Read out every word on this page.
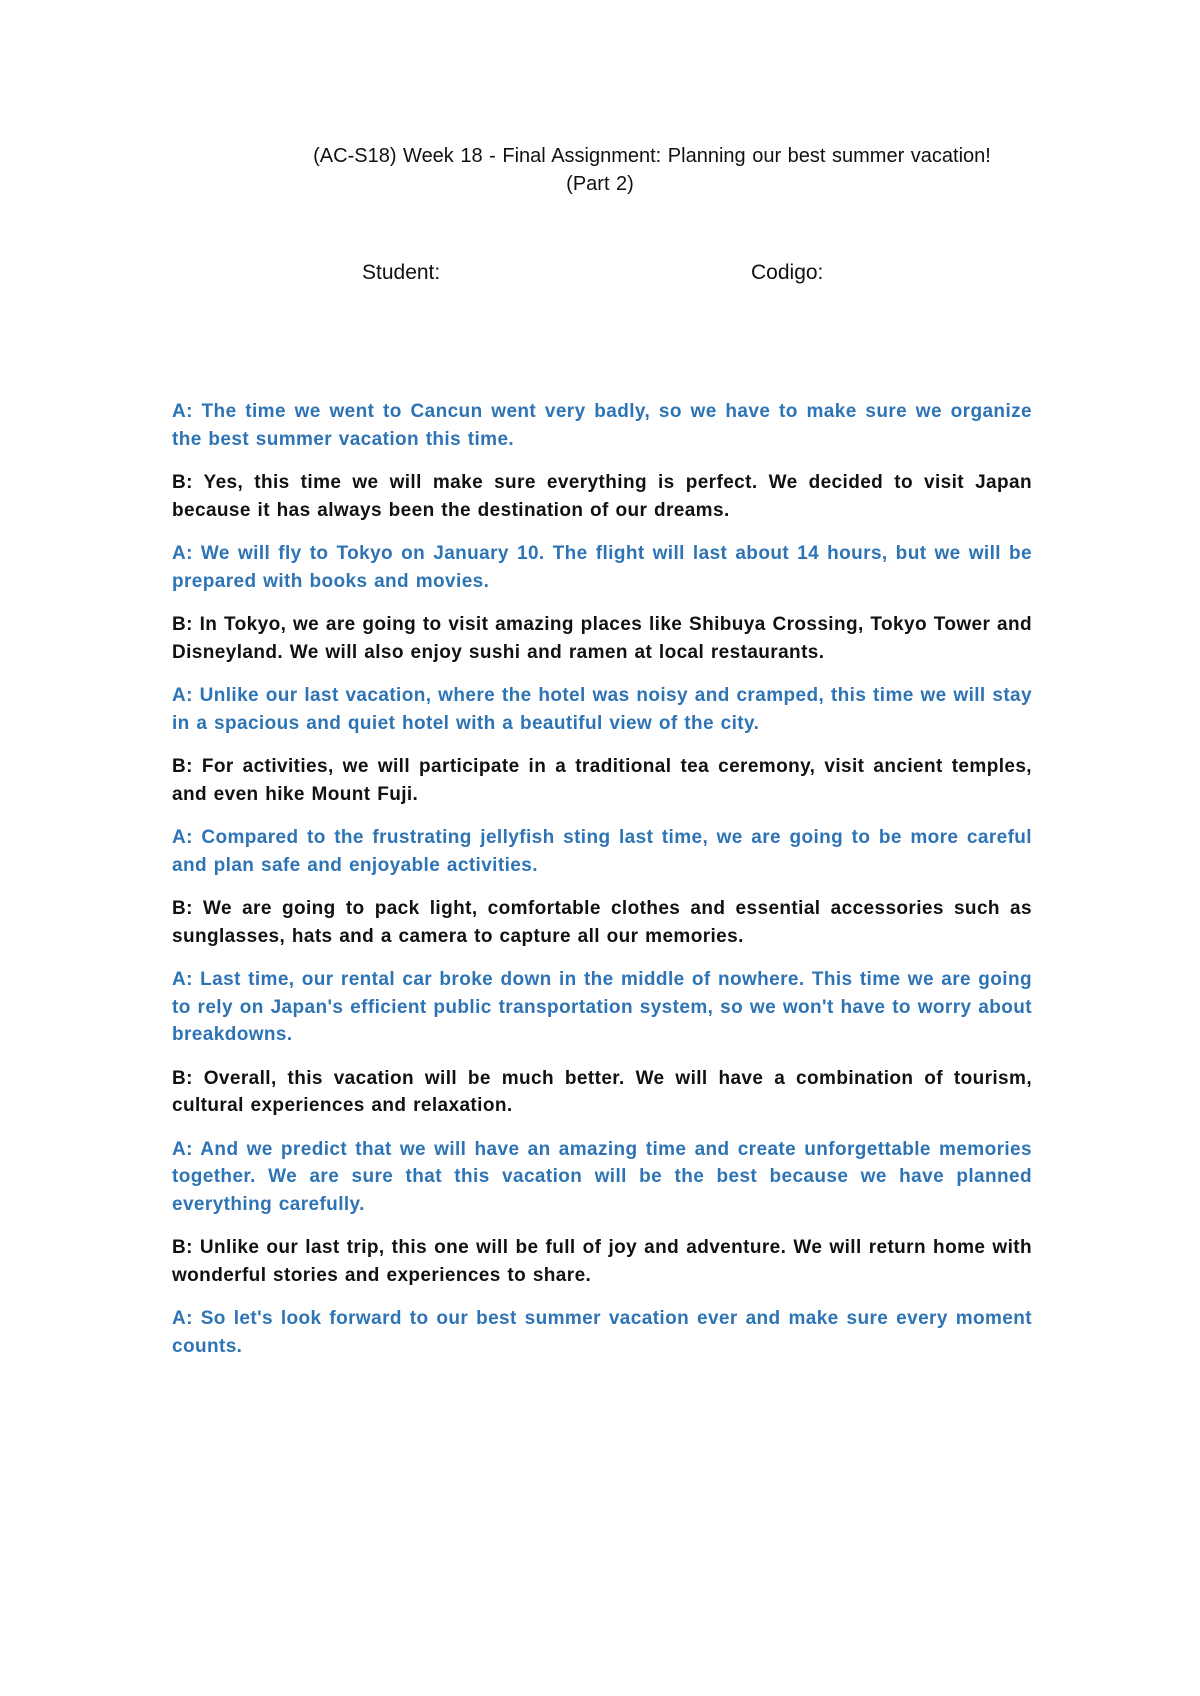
(AC-S18) Week 18 - Final Assignment: Planning our best summer vacation!
(Part 2)
Student:	Codigo:

A: The time we went to Cancun went very badly, so we have to make sure we organize the best summer vacation this time.

B: Yes, this time we will make sure everything is perfect. We decided to visit Japan because it has always been the destination of our dreams.

A: We will fly to Tokyo on January 10. The flight will last about 14 hours, but we will be prepared with books and movies.

B: In Tokyo, we are going to visit amazing places like Shibuya Crossing, Tokyo Tower and Disneyland. We will also enjoy sushi and ramen at local restaurants.

A: Unlike our last vacation, where the hotel was noisy and cramped, this time we will stay in a spacious and quiet hotel with a beautiful view of the city.

B: For activities, we will participate in a traditional tea ceremony, visit ancient temples, and even hike Mount Fuji.

A: Compared to the frustrating jellyfish sting last time, we are going to be more careful and plan safe and enjoyable activities.

B: We are going to pack light, comfortable clothes and essential accessories such as sunglasses, hats and a camera to capture all our memories.

A: Last time, our rental car broke down in the middle of nowhere. This time we are going to rely on Japan's efficient public transportation system, so we won't have to worry about breakdowns.

B: Overall, this vacation will be much better. We will have a combination of tourism, cultural experiences and relaxation.

A: And we predict that we will have an amazing time and create unforgettable memories together. We are sure that this vacation will be the best because we have planned everything carefully.

B: Unlike our last trip, this one will be full of joy and adventure. We will return home with wonderful stories and experiences to share.

A: So let's look forward to our best summer vacation ever and make sure every moment counts.
